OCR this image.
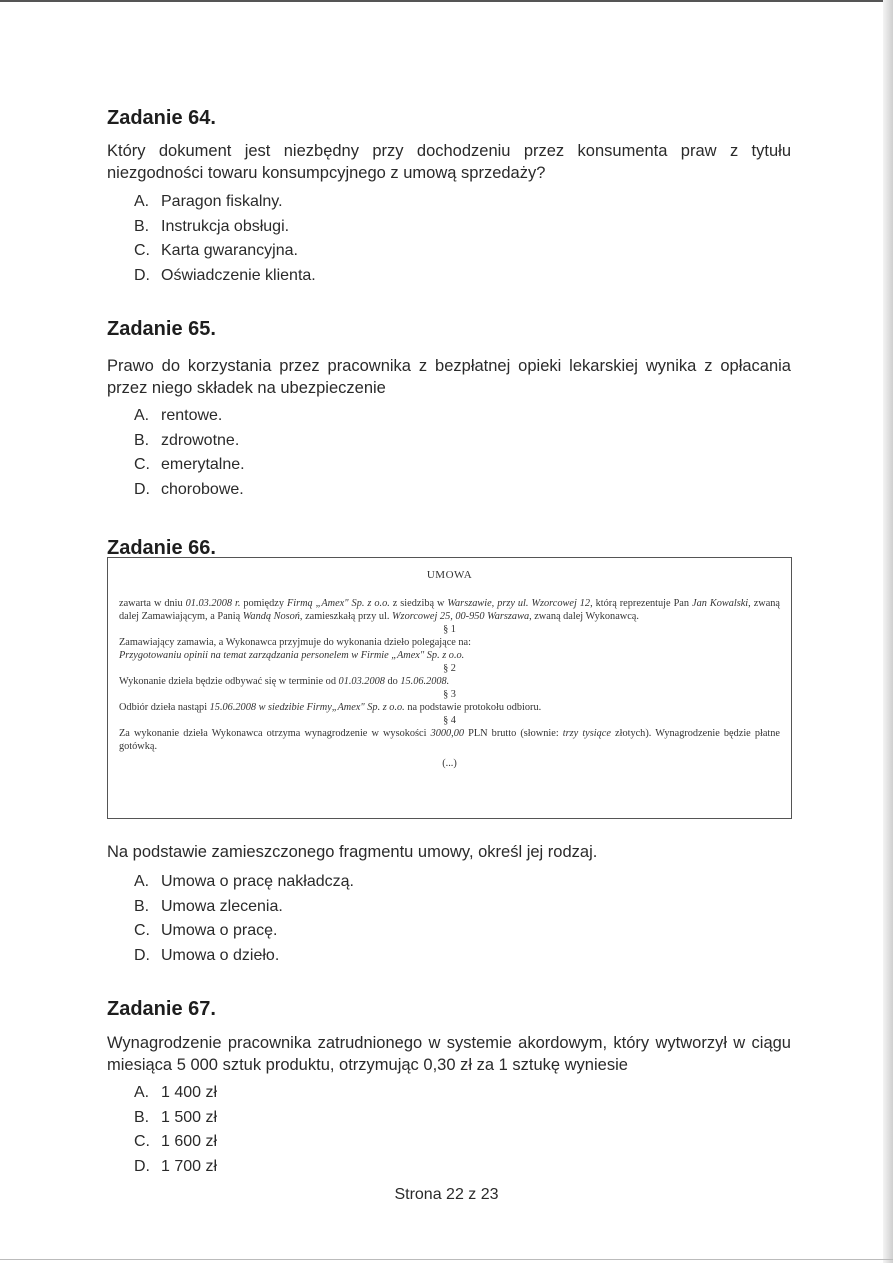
Zadanie 64.
Który dokument jest niezbędny przy dochodzeniu przez konsumenta praw z tytułu niezgodności towaru konsumpcyjnego z umową sprzedaży?
A. Paragon fiskalny.
B. Instrukcja obsługi.
C. Karta gwarancyjna.
D. Oświadczenie klienta.
Zadanie 65.
Prawo do korzystania przez pracownika z bezpłatnej opieki lekarskiej wynika z opłacania przez niego składek na ubezpieczenie
A. rentowe.
B. zdrowotne.
C. emerytalne.
D. chorobowe.
Zadanie 66.
UMOWA

zawarta w dniu 01.03.2008 r. pomiędzy Firmą „Amex" Sp. z o.o. z siedzibą w Warszawie, przy ul. Wzorcowej 12, którą reprezentuje Pan Jan Kowalski, zwaną dalej Zamawiającym, a Panią Wandą Nosoń, zamieszkałą przy ul. Wzorcowej 25, 00-950 Warszawa, zwaną dalej Wykonawcą.

§ 1

Zamawiający zamawia, a Wykonawca przyjmuje do wykonania dzieło polegające na:

Przygotowaniu opinii na temat zarządzania personelem w Firmie „Amex" Sp. z o.o.

§ 2

Wykonanie dzieła będzie odbywać się w terminie od 01.03.2008 do 15.06.2008.

§ 3

Odbiór dzieła nastąpi 15.06.2008 w siedzibie Firmy„Amex" Sp. z o.o. na podstawie protokołu odbioru.

§ 4

Za wykonanie dzieła Wykonawca otrzyma wynagrodzenie w wysokości 3000,00 PLN brutto (słownie: trzy tysiące złotych). Wynagrodzenie będzie płatne gotówką.

(...)
Na podstawie zamieszczonego fragmentu umowy, określ jej rodzaj.
A. Umowa o pracę nakładczą.
B. Umowa zlecenia.
C. Umowa o pracę.
D. Umowa o dzieło.
Zadanie 67.
Wynagrodzenie pracownika zatrudnionego w systemie akordowym, który wytworzył w ciągu miesiąca 5 000 sztuk produktu, otrzymując 0,30 zł za 1 sztukę wyniesie
A. 1 400 zł
B. 1 500 zł
C. 1 600 zł
D. 1 700 zł
Strona 22 z 23
